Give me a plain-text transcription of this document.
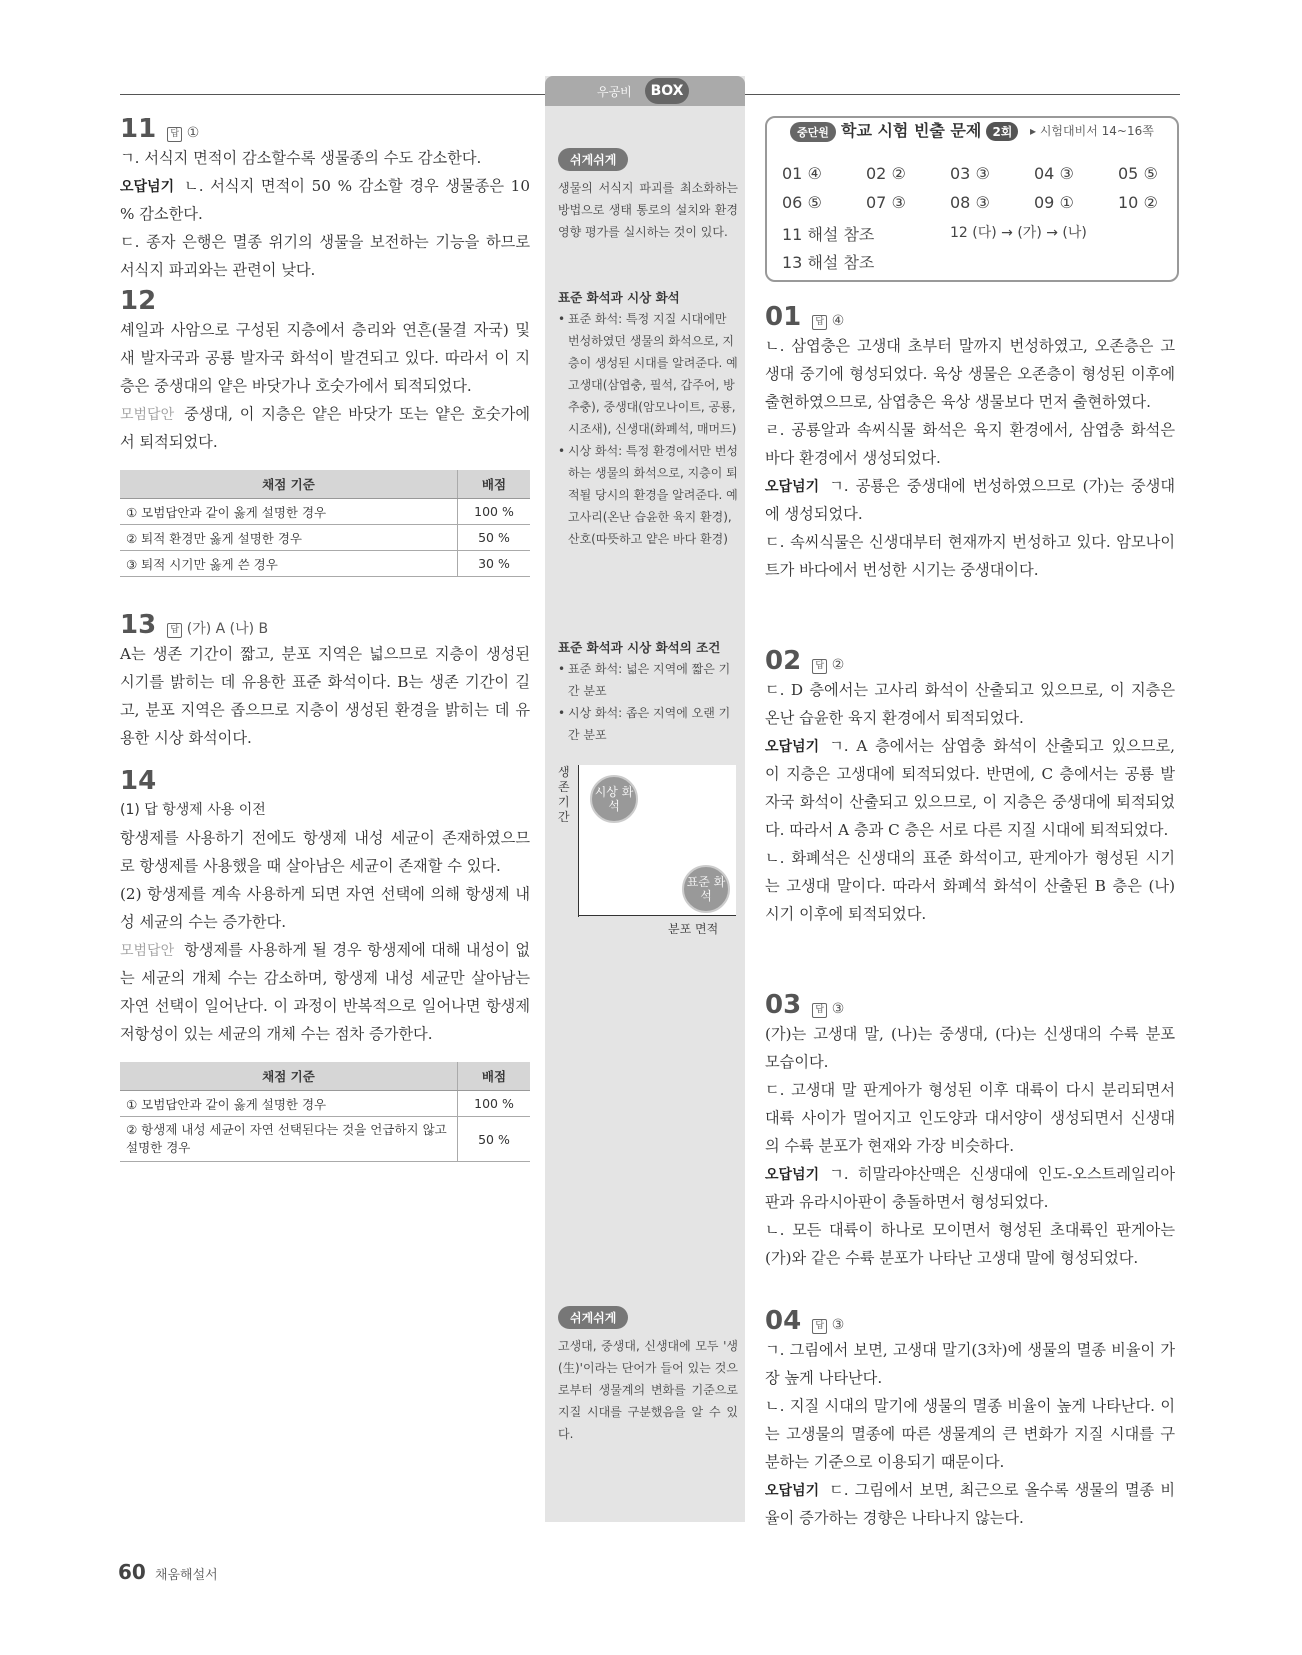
우공비	BOX
11 답 ①

ㄱ. 서식지 면적이 감소할수록 생물종의 수도 감소한다.

오답넘기 ㄴ. 서식지 면적이 50 % 감소할 경우 생물종은 10 % 감소한다.

ㄷ. 종자 은행은 멸종 위기의 생물을 보전하는 기능을 하므로 서식지 파괴와는 관련이 낮다.

12

셰일과 사암으로 구성된 지층에서 층리와 연흔(물결 자국) 및 새 발자국과 공룡 발자국 화석이 발견되고 있다. 따라서 이 지층은 중생대의 얕은 바닷가나 호숫가에서 퇴적되었다.

모범답안 중생대, 이 지층은 얕은 바닷가 또는 얕은 호숫가에서 퇴적되었다.

채점 기준	배점
① 모범답안과 같이 옳게 설명한 경우	100 %
② 퇴적 환경만 옳게 설명한 경우	50 %
③ 퇴적 시기만 옳게 쓴 경우	30 %
13 답 (가) A (나) B

A는 생존 기간이 짧고, 분포 지역은 넓으므로 지층이 생성된 시기를 밝히는 데 유용한 표준 화석이다. B는 생존 기간이 길고, 분포 지역은 좁으므로 지층이 생성된 환경을 밝히는 데 유용한 시상 화석이다.

14

(1) 답 항생제 사용 이전

항생제를 사용하기 전에도 항생제 내성 세균이 존재하였으므로 항생제를 사용했을 때 살아남은 세균이 존재할 수 있다.

(2) 항생제를 계속 사용하게 되면 자연 선택에 의해 항생제 내성 세균의 수는 증가한다.

모범답안 항생제를 사용하게 될 경우 항생제에 대해 내성이 없는 세균의 개체 수는 감소하며, 항생제 내성 세균만 살아남는 자연 선택이 일어난다. 이 과정이 반복적으로 일어나면 항생제 저항성이 있는 세균의 개체 수는 점차 증가한다.

채점 기준	배점
① 모범답안과 같이 옳게 설명한 경우	100 %
② 항생제 내성 세균이 자연 선택된다는 것을 언급하지 않고 설명한 경우	50 %
쉬게쉬게

생물의 서식지 파괴를 최소화하는 방법으로 생태 통로의 설치와 환경 영향 평가를 실시하는 것이 있다.

표준 화석과 시상 화석

• 표준 화석: 특정 지질 시대에만 번성하였던 생물의 화석으로, 지층이 생성된 시대를 알려준다. 예 고생대(삼엽충, 필석, 갑주어, 방추충), 중생대(암모나이트, 공룡, 시조새), 신생대(화폐석, 매머드)
• 시상 화석: 특정 환경에서만 번성하는 생물의 화석으로, 지층이 퇴적될 당시의 환경을 알려준다. 예 고사리(온난 습윤한 육지 환경), 산호(따뜻하고 얕은 바다 환경)

표준 화석과 시상 화석의 조건

• 표준 화석: 넓은 지역에 짧은 기간 분포
• 시상 화석: 좁은 지역에 오랜 기간 분포
생존 기간
시상 화석
표준 화석
분포 면적
쉬게쉬게

고생대, 중생대, 신생대에 모두 '생(生)'이라는 단어가 들어 있는 것으로부터 생물계의 변화를 기준으로 지질 시대를 구분했음을 알 수 있다.

중단원 학교 시험 빈출 문제 2회	▸ 시험대비서 14~16쪽
01 ④	02 ②	03 ③	04 ③	05 ⑤
06 ⑤	07 ③	08 ③	09 ①	10 ②
11 해설 참조	12 (다) → (가) → (나)
13 해설 참조
01 답 ④

ㄴ. 삼엽충은 고생대 초부터 말까지 번성하였고, 오존층은 고생대 중기에 형성되었다. 육상 생물은 오존층이 형성된 이후에 출현하였으므로, 삼엽충은 육상 생물보다 먼저 출현하였다.

ㄹ. 공룡알과 속씨식물 화석은 육지 환경에서, 삼엽충 화석은 바다 환경에서 생성되었다.

오답넘기 ㄱ. 공룡은 중생대에 번성하였으므로 (가)는 중생대에 생성되었다.

ㄷ. 속씨식물은 신생대부터 현재까지 번성하고 있다. 암모나이트가 바다에서 번성한 시기는 중생대이다.

02 답 ②

ㄷ. D 층에서는 고사리 화석이 산출되고 있으므로, 이 지층은 온난 습윤한 육지 환경에서 퇴적되었다.

오답넘기 ㄱ. A 층에서는 삼엽충 화석이 산출되고 있으므로, 이 지층은 고생대에 퇴적되었다. 반면에, C 층에서는 공룡 발자국 화석이 산출되고 있으므로, 이 지층은 중생대에 퇴적되었다. 따라서 A 층과 C 층은 서로 다른 지질 시대에 퇴적되었다.

ㄴ. 화폐석은 신생대의 표준 화석이고, 판게아가 형성된 시기는 고생대 말이다. 따라서 화폐석 화석이 산출된 B 층은 (나) 시기 이후에 퇴적되었다.

03 답 ③

(가)는 고생대 말, (나)는 중생대, (다)는 신생대의 수륙 분포 모습이다.

ㄷ. 고생대 말 판게아가 형성된 이후 대륙이 다시 분리되면서 대륙 사이가 멀어지고 인도양과 대서양이 생성되면서 신생대의 수륙 분포가 현재와 가장 비슷하다.

오답넘기 ㄱ. 히말라야산맥은 신생대에 인도-오스트레일리아판과 유라시아판이 충돌하면서 형성되었다.

ㄴ. 모든 대륙이 하나로 모이면서 형성된 초대륙인 판게아는 (가)와 같은 수륙 분포가 나타난 고생대 말에 형성되었다.

04 답 ③

ㄱ. 그림에서 보면, 고생대 말기(3차)에 생물의 멸종 비율이 가장 높게 나타난다.

ㄴ. 지질 시대의 말기에 생물의 멸종 비율이 높게 나타난다. 이는 고생물의 멸종에 따른 생물계의 큰 변화가 지질 시대를 구분하는 기준으로 이용되기 때문이다.

오답넘기 ㄷ. 그림에서 보면, 최근으로 올수록 생물의 멸종 비율이 증가하는 경향은 나타나지 않는다.

60 채움해설서
